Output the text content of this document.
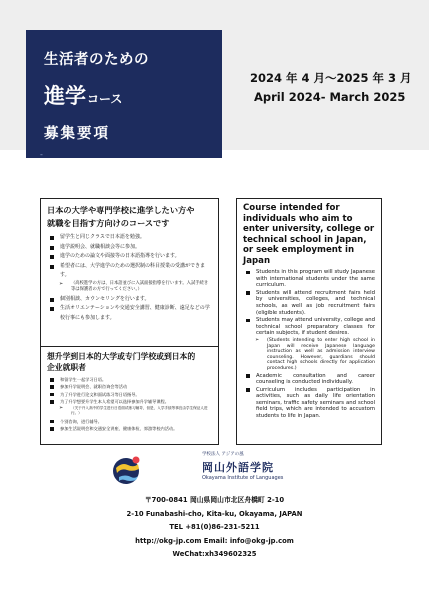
生活者のための
進学コース
募集要項
-
2024 年 4 月～2025 年 3 月
April 2024- March 2025
日本の大学や専門学校に進学したい方や
就職を目指す方向けのコースです
留学生と同じクラスで日本語を勉強。
進学説明会、就職相談会等に参加。
進学のための論文や面接等の日本語指導を行います。
希望者には、大学進学のための選択制の科目授業の受講ができます。
➢ （高校進学の方は、日本語並びに入試面接指導を行います。入試手続き等は保護者の方で行ってください。）
個別相談、カウンセリングを行います。
生活オリエンテーションや交通安全講習、健康診断、遠足などの学校行事にも参加します。
想升学到日本的大学或专门学校或到日本的
企业就职者
和留学生一起学习日语。
参加升学说明会、就职咨询会等活动
为了升学进行论文和面试练习等日语指导。
为了升学想要升学生本人希望可以选择参加升学辅导课程。
➢ （关于升入高中的学生进行日语面试练习辅导，但是，入学手续等事宜由学生保证人进行。）
个别咨询，进行辅导。
参加生活说明会和交通安全讲座、健康体检、郊游等校内活动。
Course intended for individuals who aim to enter university, college or technical school in Japan, or seek employment in Japan
Students in this program will study Japanese with international students under the same curriculum.
Students will attend recruitment fairs held by universities, colleges, and technical schools, as well as job recruitment fairs (eligible students).
Students may attend university, college and technical school preparatory classes for certain subjects, if student desires.
➢ (Students intending to enter high school in Japan will receive Japanese language instruction as well as admission interview counseling. However, guardians should contact high schools directly for application procedures.)
Academic consultation and career counseling is conducted individually.
Curriculum includes participation in activities, such as daily life orientation seminars, traffic safety seminars and school field trips, which are intended to accustom students to life in Japan.
学校法人 アジアの風
岡山外語学院
Okayama Institute of Languages
〒700-0841 岡山県岡山市北区舟橋町 2-10
2-10 Funabashi-cho, Kita-ku, Okayama, JAPAN
TEL +81(0)86-231-5211
http://okg-jp.com Email: info@okg-jp.com
WeChat:xh349602325
